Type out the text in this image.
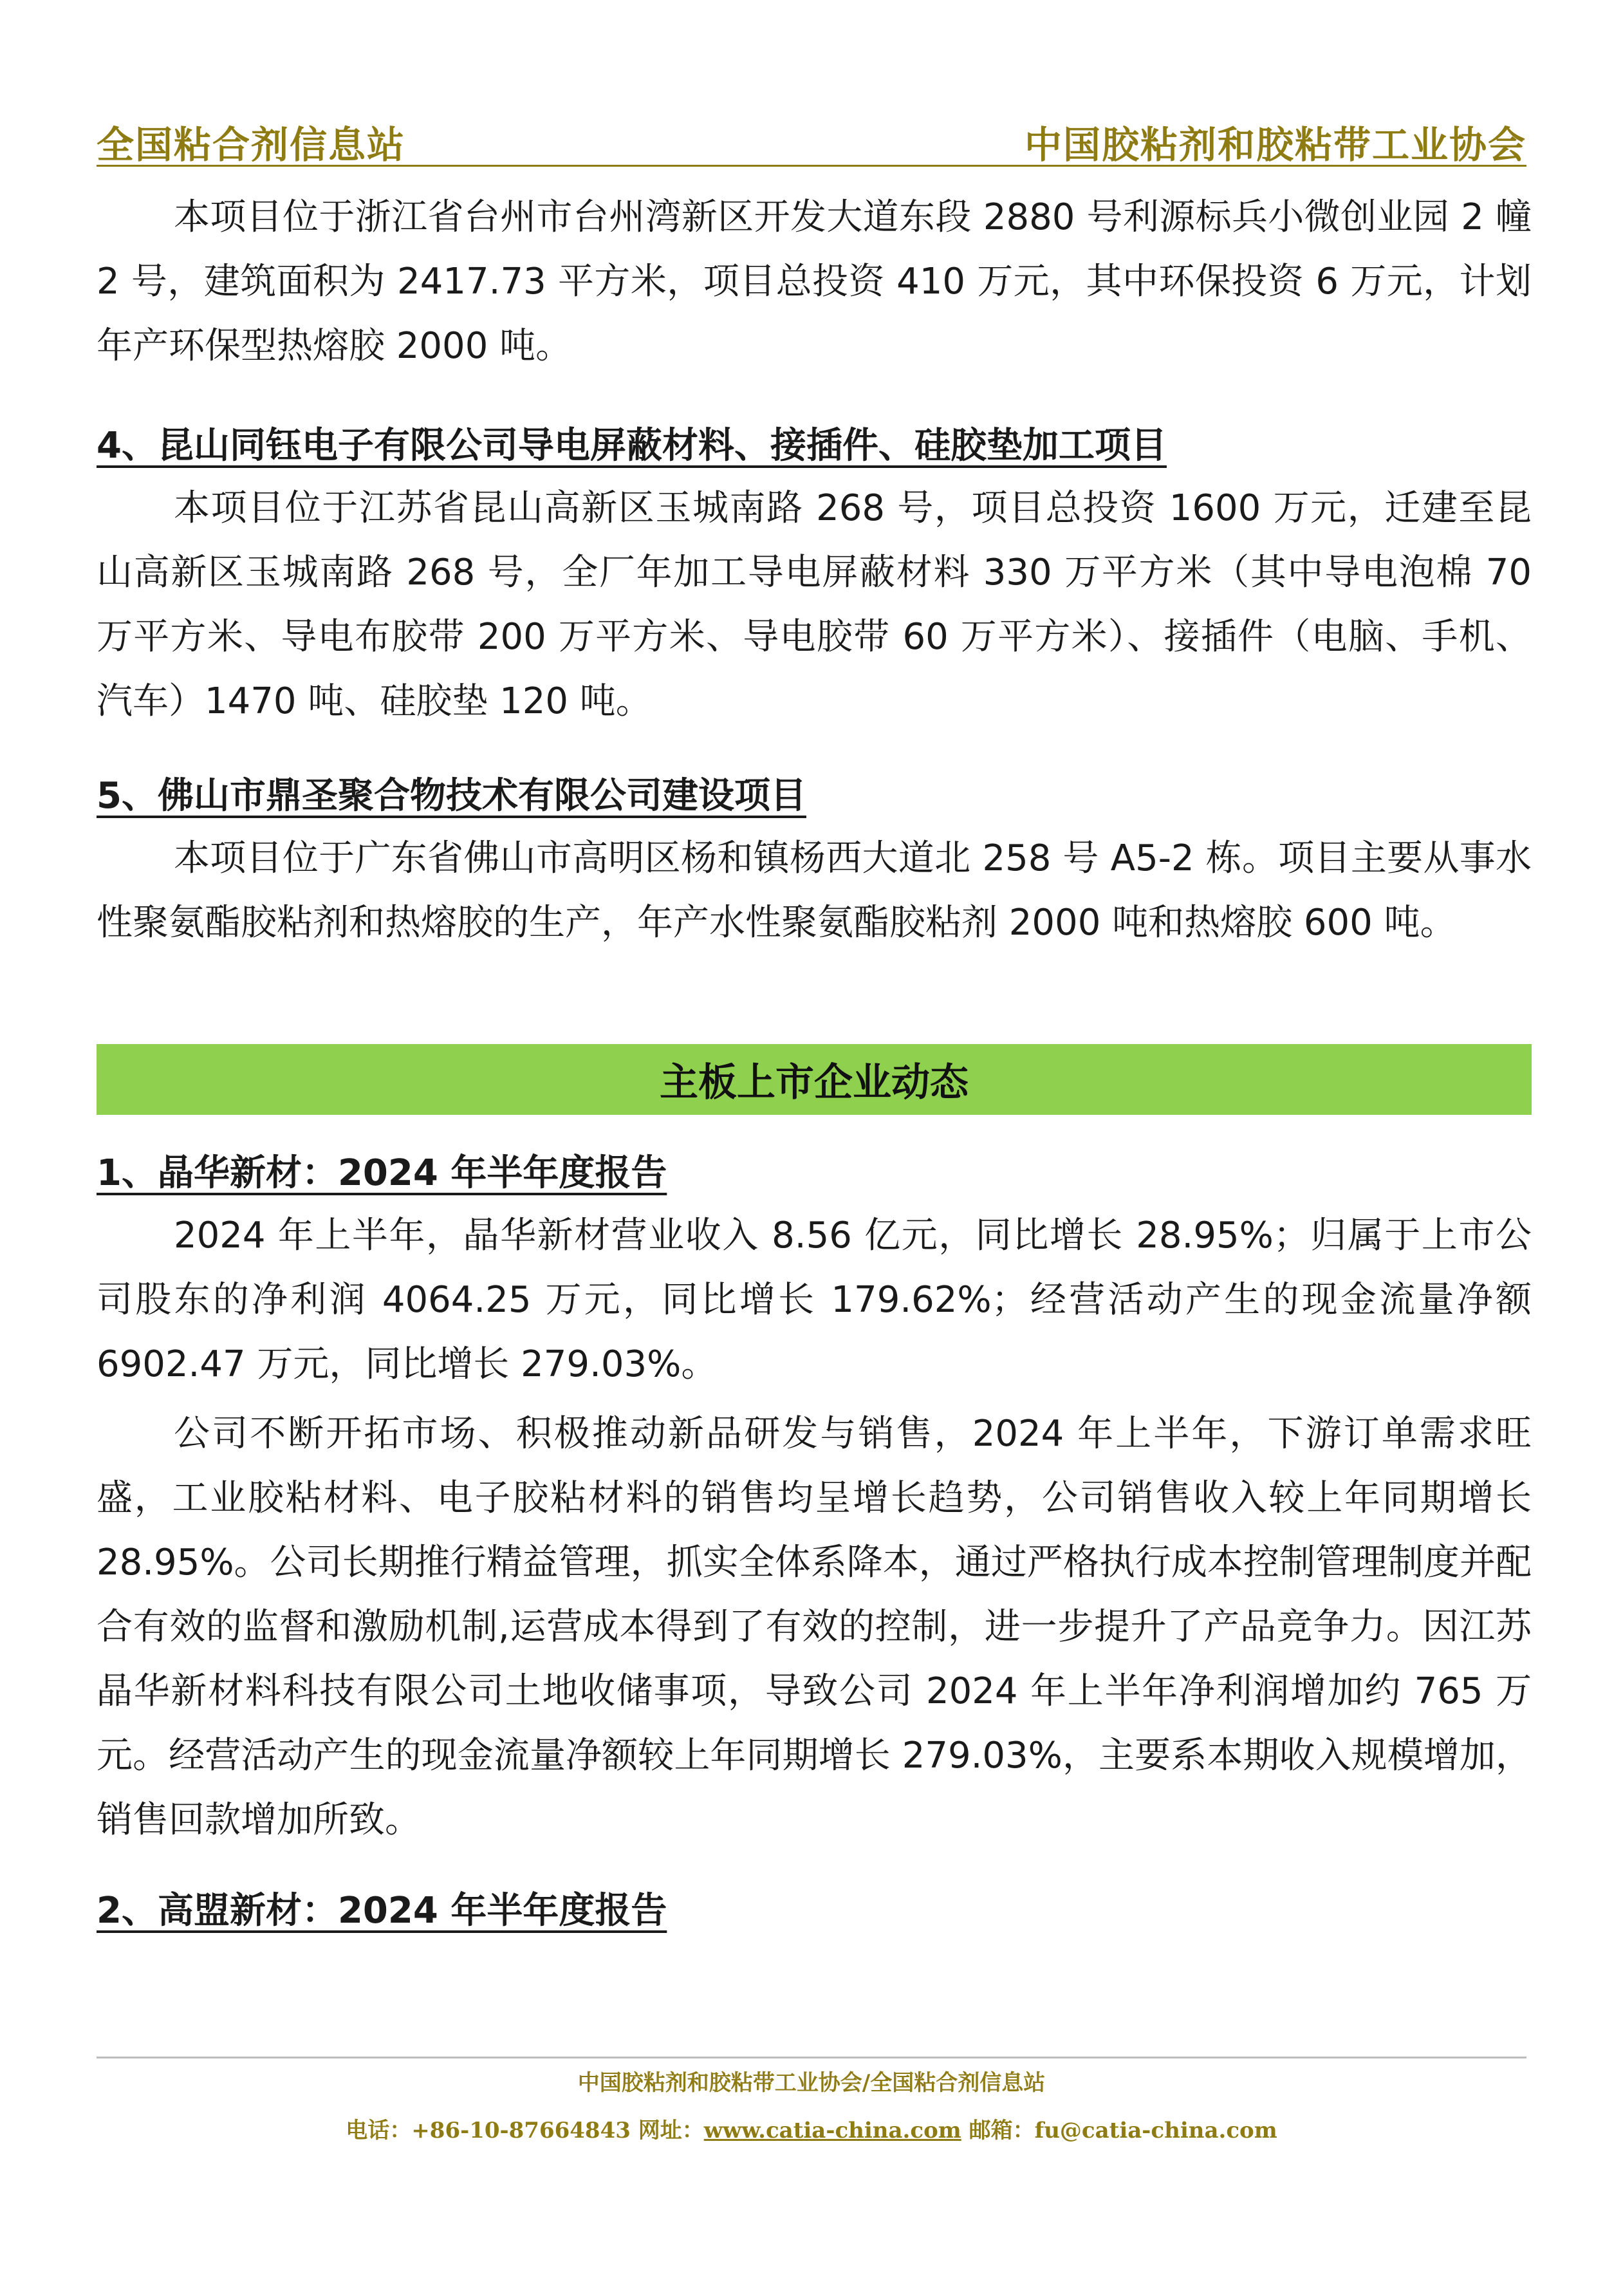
全国粘合剂信息站	中国胶粘剂和胶粘带工业协会

本项目位于浙江省台州市台州湾新区开发大道东段 2880 号利源标兵小微创业园 2 幢 2 号，建筑面积为 2417.73 平方米，项目总投资 410 万元，其中环保投资 6 万元，计划年产环保型热熔胶 2000 吨。

4、昆山同钰电子有限公司导电屏蔽材料、接插件、硅胶垫加工项目

本项目位于江苏省昆山高新区玉城南路 268 号，项目总投资 1600 万元，迁建至昆山高新区玉城南路 268 号，全厂年加工导电屏蔽材料 330 万平方米（其中导电泡棉 70 万平方米、导电布胶带 200 万平方米、导电胶带 60 万平方米）、接插件（电脑、手机、汽车）1470 吨、硅胶垫 120 吨。

5、佛山市鼎圣聚合物技术有限公司建设项目

本项目位于广东省佛山市高明区杨和镇杨西大道北 258 号 A5-2 栋。项目主要从事水性聚氨酯胶粘剂和热熔胶的生产，年产水性聚氨酯胶粘剂 2000 吨和热熔胶 600 吨。

主板上市企业动态
1、晶华新材：2024 年半年度报告

2024 年上半年，晶华新材营业收入 8.56 亿元，同比增长 28.95%；归属于上市公司股东的净利润 4064.25 万元，同比增长 179.62%；经营活动产生的现金流量净额 6902.47 万元，同比增长 279.03%。

公司不断开拓市场、积极推动新品研发与销售，2024 年上半年，下游订单需求旺盛，工业胶粘材料、电子胶粘材料的销售均呈增长趋势，公司销售收入较上年同期增长 28.95%。公司长期推行精益管理，抓实全体系降本，通过严格执行成本控制管理制度并配合有效的监督和激励机制,运营成本得到了有效的控制，进一步提升了产品竞争力。因江苏晶华新材料科技有限公司土地收储事项，导致公司 2024 年上半年净利润增加约 765 万元。经营活动产生的现金流量净额较上年同期增长 279.03%，主要系本期收入规模增加，销售回款增加所致。

2、高盟新材：2024 年半年度报告
中国胶粘剂和胶粘带工业协会/全国粘合剂信息站
电话：+86-10-87664843 网址：www.catia-china.com 邮箱：fu@catia-china.com
